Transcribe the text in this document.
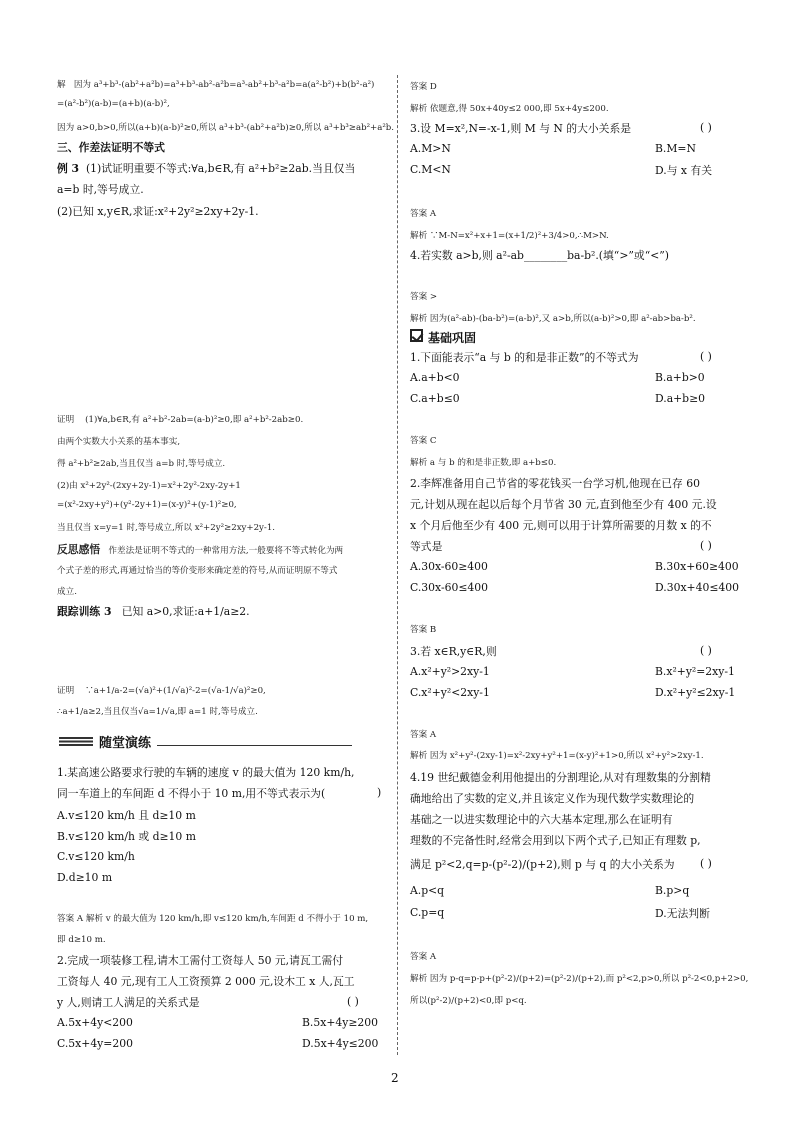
解 因为 a³+b³-(ab²+a²b)=a³+b³-ab²-a²b=a³-ab²+b³-a²b=a(a²-b²)+b(b²-a²)
=(a²-b²)(a-b)=(a+b)(a-b)²,
因为 a>0,b>0,所以(a+b)(a-b)²≥0,所以 a³+b³-(ab²+a²b)≥0,所以 a³+b³≥ab²+a²b.
三、作差法证明不等式
例 3 (1)试证明重要不等式:∀a,b∈R,有 a²+b²≥2ab.当且仅当
a=b 时,等号成立.
(2)已知 x,y∈R,求证:x²+2y²≥2xy+2y-1.
证明 (1)∀a,b∈R,有 a²+b²-2ab=(a-b)²≥0,即 a²+b²-2ab≥0.
由两个实数大小关系的基本事实,
得 a²+b²≥2ab,当且仅当 a=b 时,等号成立.
(2)由 x²+2y²-(2xy+2y-1)=x²+2y²-2xy-2y+1
=(x²-2xy+y²)+(y²-2y+1)=(x-y)²+(y-1)²≥0,
当且仅当 x=y=1 时,等号成立,所以 x²+2y²≥2xy+2y-1.
反思感悟 作差法是证明不等式的一种常用方法,一般要将不等式转化为两
个式子差的形式,再通过恰当的等价变形来确定差的符号,从而证明原不等式
成立.
跟踪训练 3 已知 a>0,求证:a+1/a≥2.
证明 ∵a+1/a-2=(√a)²+(1/√a)²-2=(√a-1/√a)²≥0,
∴a+1/a≥2,当且仅当√a=1/√a,即 a=1 时,等号成立.
随堂演练
1.某高速公路要求行驶的车辆的速度 v 的最大值为 120 km/h,
同一车道上的车间距 d 不得小于 10 m,用不等式表示为(	)
A.v≤120 km/h 且 d≥10 m
B.v≤120 km/h 或 d≥10 m
C.v≤120 km/h
D.d≥10 m
答案 A 解析 v 的最大值为 120 km/h,即 v≤120 km/h,车间距 d 不得小于 10 m,
即 d≥10 m.
2.完成一项装修工程,请木工需付工资每人 50 元,请瓦工需付
工资每人 40 元,现有工人工资预算 2 000 元,设木工 x 人,瓦工
y 人,则请工人满足的关系式是	( )
A.5x+4y<200	B.5x+4y≥200
C.5x+4y=200	D.5x+4y≤200
答案 D
解析 依题意,得 50x+40y≤2 000,即 5x+4y≤200.
3.设 M=x²,N=-x-1,则 M 与 N 的大小关系是	( )
A.M>N	B.M=N
C.M<N	D.与 x 有关
答案 A
解析 ∵M-N=x²+x+1=(x+1/2)²+3/4>0,∴M>N.
4.若实数 a>b,则 a²-ab________ba-b².(填“>”或“<”)
答案 >
解析 因为(a²-ab)-(ba-b²)=(a-b)²,又 a>b,所以(a-b)²>0,即 a²-ab>ba-b².
基础巩固
1.下面能表示“a 与 b 的和是非正数”的不等式为	( )
A.a+b<0	B.a+b>0
C.a+b≤0	D.a+b≥0
答案 C
解析 a 与 b 的和是非正数,即 a+b≤0.
2.李辉准备用自己节省的零花钱买一台学习机,他现在已存 60
元,计划从现在起以后每个月节省 30 元,直到他至少有 400 元.设
x 个月后他至少有 400 元,则可以用于计算所需要的月数 x 的不
等式是	( )
A.30x-60≥400	B.30x+60≥400
C.30x-60≤400	D.30x+40≤400
答案 B
3.若 x∈R,y∈R,则	( )
A.x²+y²>2xy-1	B.x²+y²=2xy-1
C.x²+y²<2xy-1	D.x²+y²≤2xy-1
答案 A
解析 因为 x²+y²-(2xy-1)=x²-2xy+y²+1=(x-y)²+1>0,所以 x²+y²>2xy-1.
4.19 世纪戴德金利用他提出的分割理论,从对有理数集的分割精
确地给出了实数的定义,并且该定义作为现代数学实数理论的
基础之一以进实数理论中的六大基本定理,那么在证明有
理数的不完备性时,经常会用到以下两个式子,已知正有理数 p,
满足 p²<2,q=p-(p²-2)/(p+2),则 p 与 q 的大小关系为 ( )
A.p<q	B.p>q
C.p=q	D.无法判断
答案 A
解析 因为 p-q=p-p+(p²-2)/(p+2)=(p²-2)/(p+2),而 p²<2,p>0,所以 p²-2<0,p+2>0,
所以(p²-2)/(p+2)<0,即 p<q.
2
